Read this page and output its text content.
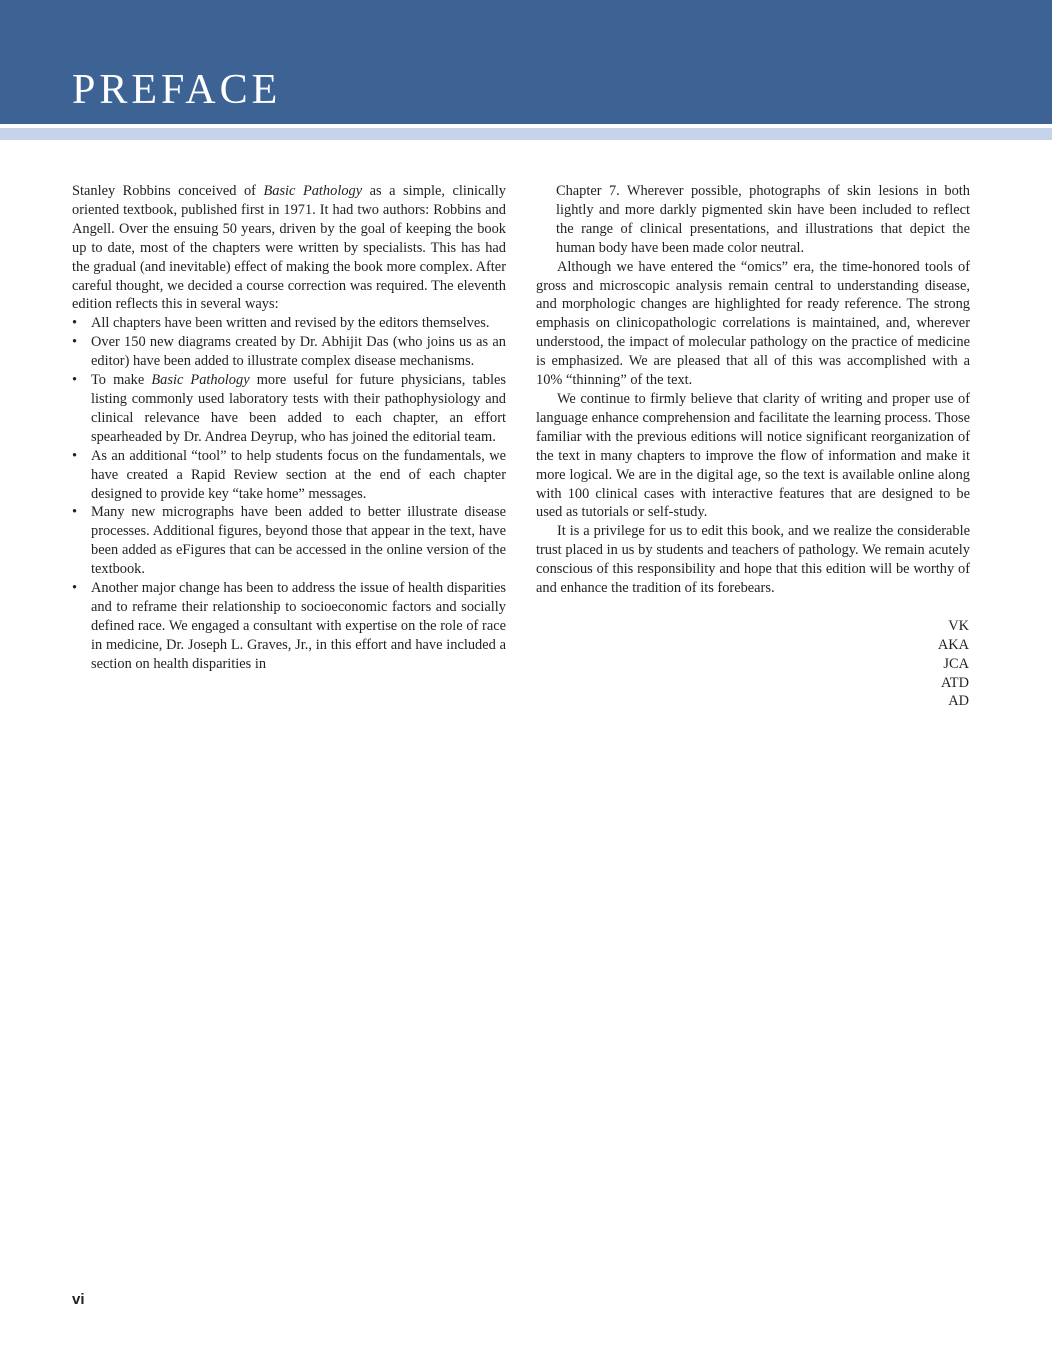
PREFACE

Stanley Robbins conceived of Basic Pathology as a simple, clinically oriented textbook, published first in 1971. It had two authors: Robbins and Angell. Over the ensuing 50 years, driven by the goal of keeping the book up to date, most of the chapters were written by specialists. This has had the gradual (and inevitable) effect of making the book more complex. After careful thought, we decided a course correction was required. The eleventh edition reflects this in several ways:

• All chapters have been written and revised by the editors themselves.
• Over 150 new diagrams created by Dr. Abhijit Das (who joins us as an editor) have been added to illustrate complex disease mechanisms.
• To make Basic Pathology more useful for future physicians, tables listing commonly used laboratory tests with their pathophysiology and clinical relevance have been added to each chapter, an effort spearheaded by Dr. Andrea Deyrup, who has joined the editorial team.
• As an additional “tool” to help students focus on the fundamentals, we have created a Rapid Review section at the end of each chapter designed to provide key “take home” messages.
• Many new micrographs have been added to better illustrate disease processes. Additional figures, beyond those that appear in the text, have been added as eFigures that can be accessed in the online version of the textbook.
• Another major change has been to address the issue of health disparities and to reframe their relationship to socioeconomic factors and socially defined race. We engaged a consultant with expertise on the role of race in medicine, Dr. Joseph L. Graves, Jr., in this effort and have included a section on health disparities in

Chapter 7. Wherever possible, photographs of skin lesions in both lightly and more darkly pigmented skin have been included to reflect the range of clinical presentations, and illustrations that depict the human body have been made color neutral.

Although we have entered the “omics” era, the time-honored tools of gross and microscopic analysis remain central to understanding disease, and morphologic changes are highlighted for ready reference. The strong emphasis on clinicopathologic correlations is maintained, and, wherever understood, the impact of molecular pathology on the practice of medicine is emphasized. We are pleased that all of this was accomplished with a 10% “thinning” of the text.

We continue to firmly believe that clarity of writing and proper use of language enhance comprehension and facilitate the learning process. Those familiar with the previous editions will notice significant reorganization of the text in many chapters to improve the flow of information and make it more logical. We are in the digital age, so the text is available online along with 100 clinical cases with interactive features that are designed to be used as tutorials or self-study.

It is a privilege for us to edit this book, and we realize the considerable trust placed in us by students and teachers of pathology. We remain acutely conscious of this responsibility and hope that this edition will be worthy of and enhance the tradition of its forebears.

VK
AKA
JCA
ATD
AD
vi
